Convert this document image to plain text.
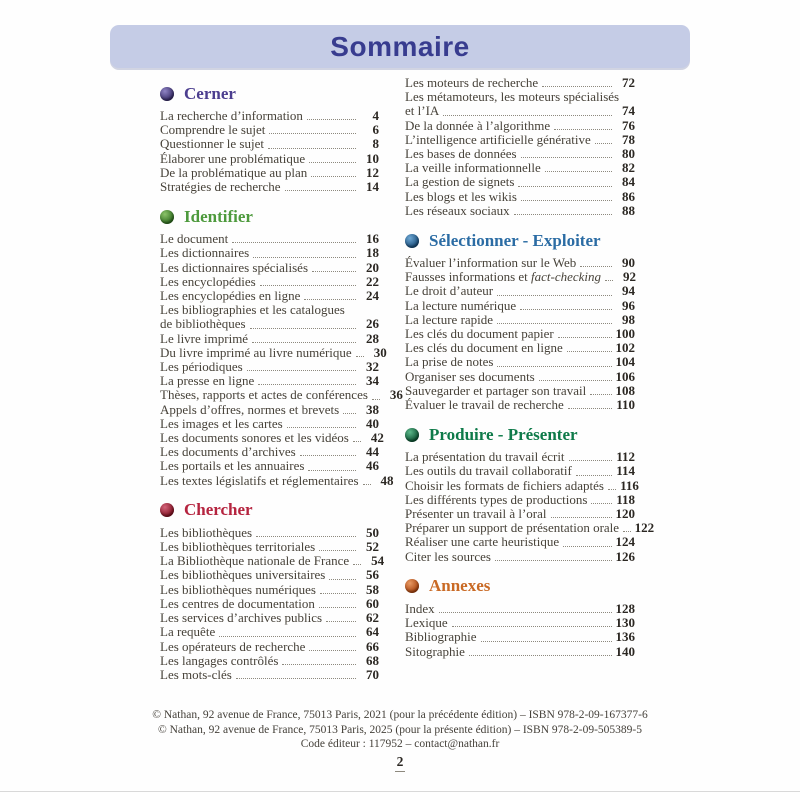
Sommaire
Cerner
La recherche d’information	4
Comprendre le sujet	6
Questionner le sujet	8
Élaborer une problématique	10
De la problématique au plan	12
Stratégies de recherche	14
Identifier
Le document	16
Les dictionnaires	18
Les dictionnaires spécialisés	20
Les encyclopédies	22
Les encyclopédies en ligne	24
Les bibliographies et les catalogues
de bibliothèques	26
Le livre imprimé	28
Du livre imprimé au livre numérique	30
Les périodiques	32
La presse en ligne	34
Thèses, rapports et actes de conférences	36
Appels d’offres, normes et brevets	38
Les images et les cartes	40
Les documents sonores et les vidéos	42
Les documents d’archives	44
Les portails et les annuaires	46
Les textes législatifs et réglementaires	48
Chercher
Les bibliothèques	50
Les bibliothèques territoriales	52
La Bibliothèque nationale de France	54
Les bibliothèques universitaires	56
Les bibliothèques numériques	58
Les centres de documentation	60
Les services d’archives publics	62
La requête	64
Les opérateurs de recherche	66
Les langages contrôlés	68
Les mots-clés	70
Les moteurs de recherche	72
Les métamoteurs, les moteurs spécialisés
et l’IA	74
De la donnée à l’algorithme	76
L’intelligence artificielle générative	78
Les bases de données	80
La veille informationnelle	82
La gestion de signets	84
Les blogs et les wikis	86
Les réseaux sociaux	88
Sélectionner - Exploiter
Évaluer l’information sur le Web	90
Fausses informations et fact-checking	92
Le droit d’auteur	94
La lecture numérique	96
La lecture rapide	98
Les clés du document papier	100
Les clés du document en ligne	102
La prise de notes	104
Organiser ses documents	106
Sauvegarder et partager son travail 108
Évaluer le travail de recherche	110
Produire - Présenter
La présentation du travail écrit	112
Les outils du travail collaboratif	114
Choisir les formats de fichiers adaptés 116
Les différents types de productions 118
Présenter un travail à l’oral	120
Préparer un support de présentation orale 122
Réaliser une carte heuristique	124
Citer les sources	126
Annexes
Index	128
Lexique	130
Bibliographie	136
Sitographie	140
© Nathan, 92 avenue de France, 75013 Paris, 2021 (pour la précédente édition) – ISBN 978-2-09-167377-6
© Nathan, 92 avenue de France, 75013 Paris, 2025 (pour la présente édition) – ISBN 978-2-09-505389-5
Code éditeur : 117952 – contact@nathan.fr
2
